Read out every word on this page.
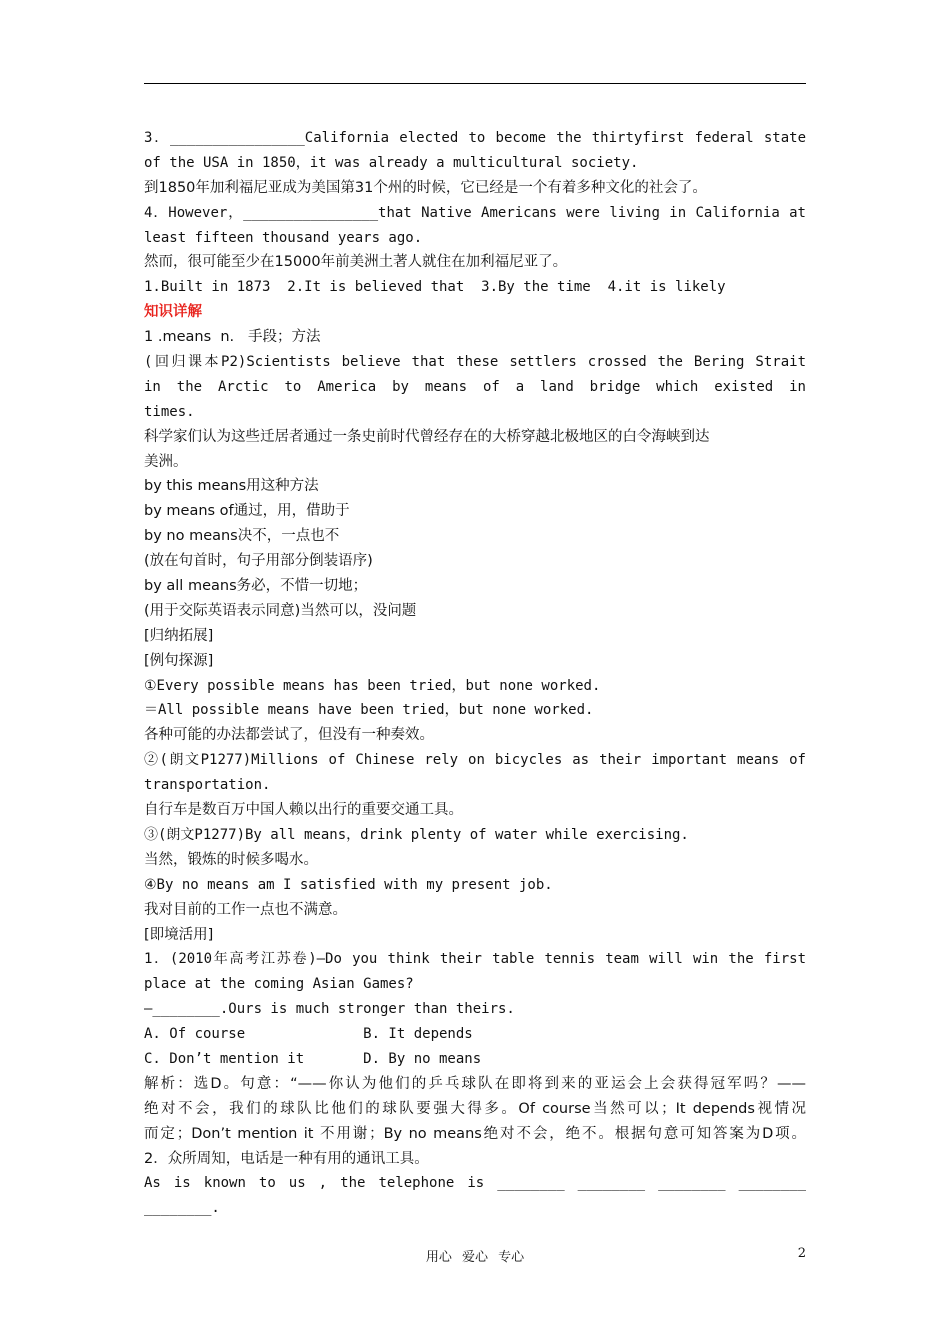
3．________________California elected to become the thirtyfirst federal state
of the USA in 1850，it was already a multicultural society.
到1850年加利福尼亚成为美国第31个州的时候，它已经是一个有着多种文化的社会了。
4．However，________________that Native Americans were living in California at
least fifteen thousand years ago.
然而，很可能至少在15000年前美洲土著人就住在加利福尼亚了。
1.Built in 1873  2.It is believed that  3.By the time  4.it is likely
知识详解
1 .means  n.   手段；方法
(回归课本P2)Scientists believe that these settlers crossed the Bering Strait
in the Arctic to America by means of a land bridge which existed in
times.
科学家们认为这些迁居者通过一条史前时代曾经存在的大桥穿越北极地区的白令海峡到达
美洲。
by this means用这种方法
by means of通过，用，借助于
by no means决不，一点也不
(放在句首时，句子用部分倒装语序)
by all means务必，不惜一切地；
(用于交际英语表示同意)当然可以，没问题
[归纳拓展]
[例句探源]
①Every possible means has been tried，but none worked.
＝All possible means have been tried，but none worked.
各种可能的办法都尝试了，但没有一种奏效。
②(朗文P1277)Millions of Chinese rely on bicycles as their important means of
transportation.
自行车是数百万中国人赖以出行的重要交通工具。
③(朗文P1277)By all means，drink plenty of water while exercising.
当然，锻炼的时候多喝水。
④By no means am I satisfied with my present job.
我对目前的工作一点也不满意。
[即境活用]
1．(2010年高考江苏卷)—Do you think their table tennis team will win the first
place at the coming Asian Games?
—________.Ours is much stronger than theirs.
A. Of course              B. It depends
C. Don’t mention it       D. By no means
解析：选D。句意：“——你认为他们的乒乓球队在即将到来的亚运会上会获得冠军吗？——
绝对不会，我们的球队比他们的球队要强大得多。Of course当然可以；It depends视情况
而定；Don’t mention it 不用谢；By no means绝对不会，绝不。根据句意可知答案为D项。
2．众所周知，电话是一种有用的通讯工具。
As is known to us , the telephone is ________ ________ ________ ________
________.
用心 爱心 专心	2
